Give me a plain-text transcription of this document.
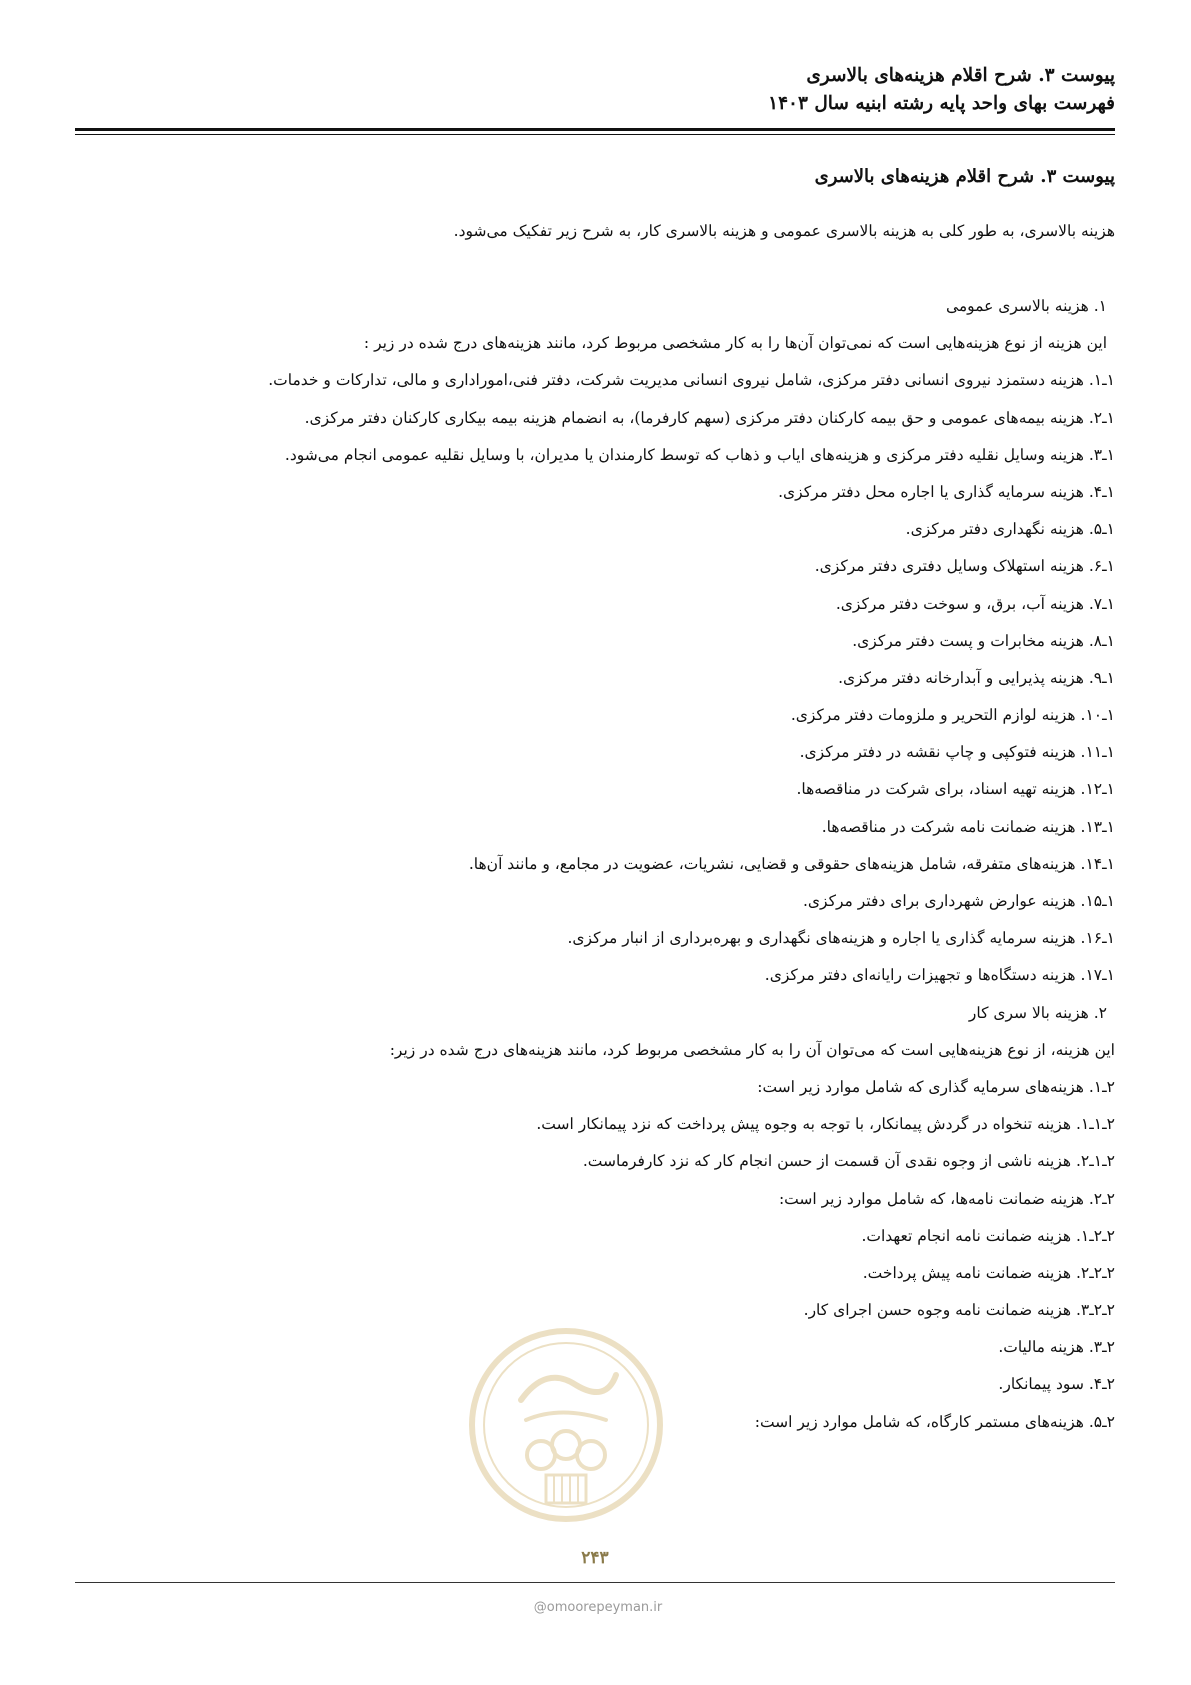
پیوست ۳. شرح اقلام هزینه‌های بالاسری

فهرست بهای واحد پایه رشته ابنیه سال ۱۴۰۳

پیوست ۳. شرح اقلام هزینه‌های بالاسری

هزینه بالاسری، به طور کلی به هزینه بالاسری عمومی و هزینه بالاسری کار، به شرح زیر تفکیک می‌شود.

۱. هزینه بالاسری عمومی
این هزینه از نوع هزینه‌هایی است که نمی‌توان آن‌ها را به کار مشخصی مربوط کرد، مانند هزینه‌های درج شده در زیر :
۱ـ۱. هزینه دستمزد نیروی انسانی دفتر مرکزی، شامل نیروی انسانی مدیریت شرکت، دفتر فنی،اموراداری و مالی، تدارکات و خدمات.
۱ـ۲. هزینه بیمه‌های عمومی و حق بیمه کارکنان دفتر مرکزی (سهم کارفرما)، به انضمام هزینه بیمه بیکاری کارکنان دفتر مرکزی.
۱ـ۳. هزینه وسایل نقلیه دفتر مرکزی و هزینه‌های ایاب و ذهاب که توسط کارمندان یا مدیران، با وسایل نقلیه عمومی انجام می‌شود.
۱ـ۴. هزینه سرمایه گذاری یا اجاره محل دفتر مرکزی.
۱ـ۵. هزینه نگهداری دفتر مرکزی.
۱ـ۶. هزینه استهلاک وسایل دفتری دفتر مرکزی.
۱ـ۷. هزینه آب، برق، و سوخت دفتر مرکزی.
۱ـ۸. هزینه مخابرات و پست دفتر مرکزی.
۱ـ۹. هزینه پذیرایی و آبدارخانه دفتر مرکزی.
۱ـ۱۰. هزینه لوازم التحریر و ملزومات دفتر مرکزی.
۱ـ۱۱. هزینه فتوکپی و چاپ نقشه در دفتر مرکزی.
۱ـ۱۲. هزینه تهیه اسناد، برای شرکت در مناقصه‌ها.
۱ـ۱۳. هزینه ضمانت نامه شرکت در مناقصه‌ها.
۱ـ۱۴. هزینه‌های متفرقه، شامل هزینه‌های حقوقی و قضایی، نشریات، عضویت در مجامع، و مانند آن‌ها.
۱ـ۱۵. هزینه عوارض شهرداری برای دفتر مرکزی.
۱ـ۱۶. هزینه سرمایه گذاری یا اجاره و هزینه‌های نگهداری و بهره‌برداری از انبار مرکزی.
۱ـ۱۷. هزینه دستگاه‌ها و تجهیزات رایانه‌ای دفتر مرکزی.
۲. هزینه بالا سری کار
این هزینه، از نوع هزینه‌هایی است که می‌توان آن را به کار مشخصی مربوط کرد، مانند هزینه‌های درج شده در زیر:
۲ـ۱. هزینه‌های سرمایه گذاری که شامل موارد زیر است:
۲ـ۱ـ۱. هزینه تنخواه در گردش پیمانکار، با توجه به وجوه پیش پرداخت که نزد پیمانکار است.
۲ـ۱ـ۲. هزینه ناشی از وجوه نقدی آن قسمت از حسن انجام کار که نزد کارفرماست.
۲ـ۲. هزینه ضمانت نامه‌ها، که شامل موارد زیر است:
۲ـ۲ـ۱. هزینه ضمانت نامه انجام تعهدات.
۲ـ۲ـ۲. هزینه ضمانت نامه پیش پرداخت.
۲ـ۲ـ۳. هزینه ضمانت نامه وجوه حسن اجرای کار.
۲ـ۳. هزینه مالیات.
۲ـ۴. سود پیمانکار.
۲ـ۵. هزینه‌های مستمر کارگاه، که شامل موارد زیر است:
۲۴۳
@omoorepeyman.ir
